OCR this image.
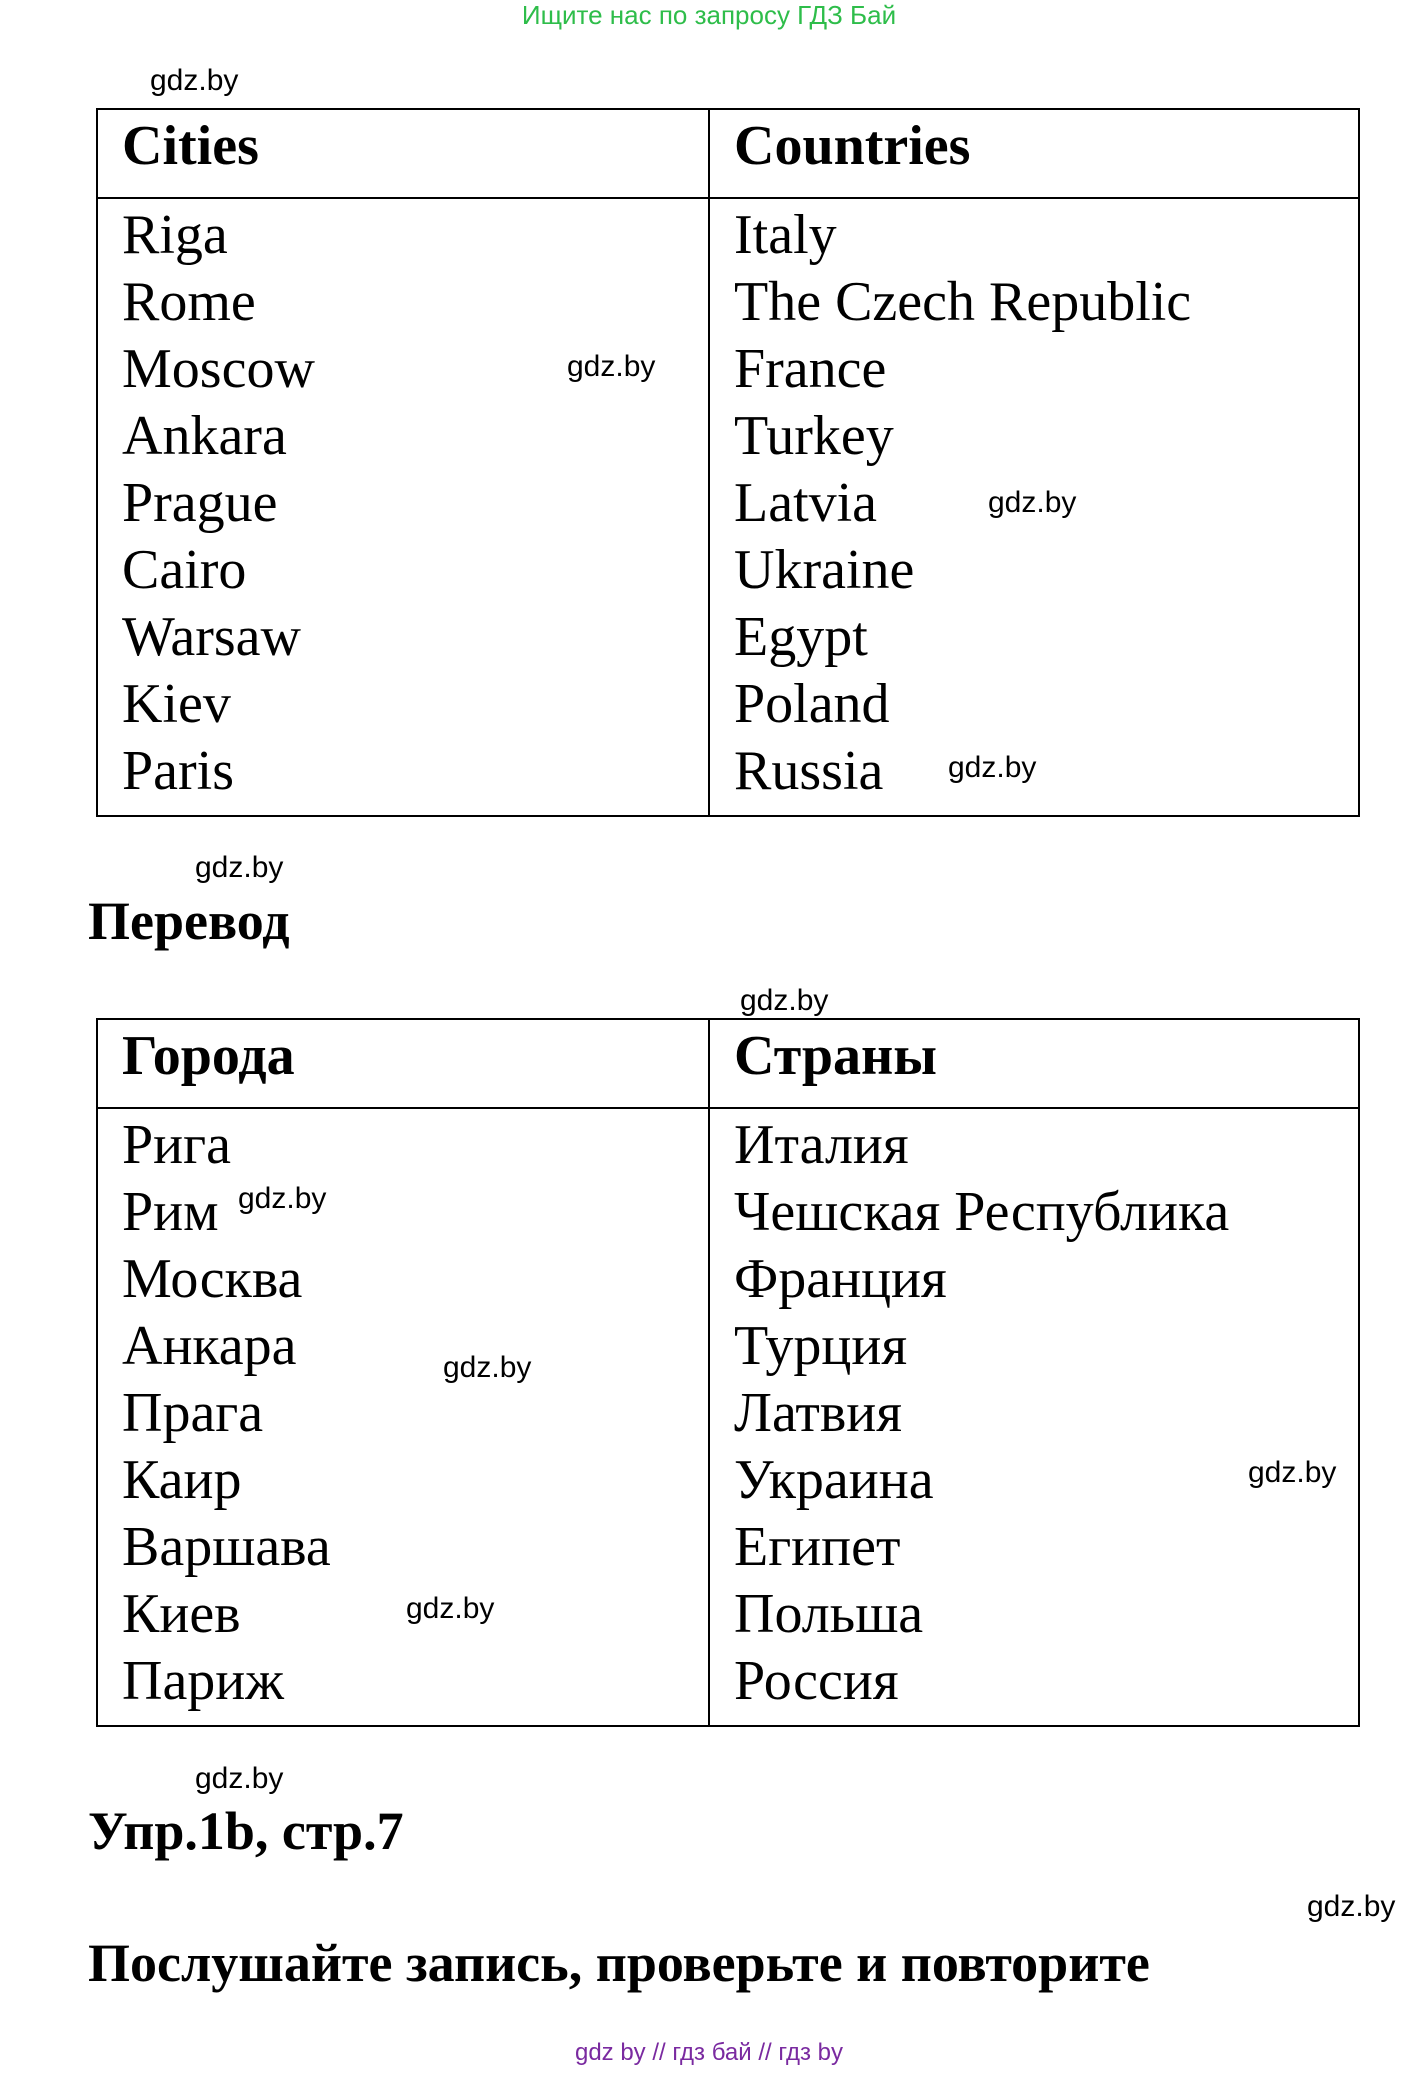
Ищите нас по запросу ГДЗ Бай
gdz.by
gdz.by
gdz.by
gdz.by
gdz.by
gdz.by
gdz.by
gdz.by
gdz.by
gdz.by
gdz.by
gdz.by
Cities	Countries
Riga
Rome
Moscow
Ankara
Prague
Cairo
Warsaw
Kiev
Paris
Italy
The Czech Republic
France
Turkey
Latvia
Ukraine
Egypt
Poland
Russia
Перевод
Города	Страны
Рига
Рим
Москва
Анкара
Прага
Каир
Варшава
Киев
Париж
Италия
Чешская Республика
Франция
Турция
Латвия
Украина
Египет
Польша
Россия
Упр.1b, стр.7
Послушайте запись, проверьте и повторите
gdz by // гдз бай // гдз by
